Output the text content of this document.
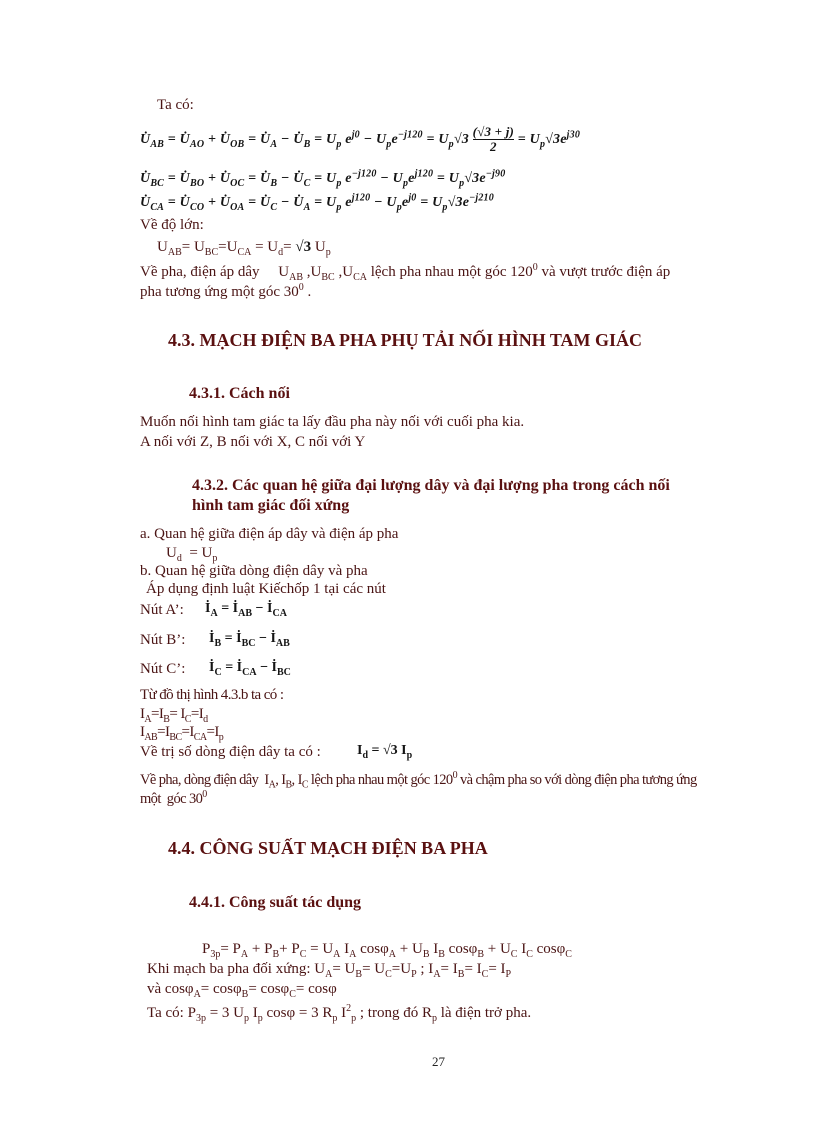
Ta có:
$U̇_{AB}$ = $U̇_{AO}$ + $U̇_{OB}$ = $U̇_A$ − $U̇_B = U_p$ $e^{j0} - U_pe^{-j120} = U_p√3 \frac{(√3 + j)}{2} = U_p√3e^{j30}$
$U̇_{BC}$ = $U̇_{BO}$ + $U̇_{OC}$ = $U̇_B$ − $U̇_C = U_p$ $e^{-j120} - U_pe^{j120} = U_p√3e^{-j90}$
$U̇_{CA}$ = $U̇_{CO}$ + $U̇_{OA}$ = $U̇_C$ − $U̇_A = U_p$ $e^{j120} - U_pe^{j0} = U_p√3e^{-j210}$
Về độ lớn:
$U_{AB}= U_{BC}=U_{CA} = U_d= √3$ $U_p$
Về pha, điện áp dây     $U_{AB}$ $,U_{BC}$ $,U_{CA}$ lệch pha nhau một góc $120^0$ và vượt trước điện áp
pha tương ứng một góc $30^0$ .
4.3. MẠCH ĐIỆN BA PHA PHỤ TẢI NỐI HÌNH TAM GIÁC
4.3.1. Cách nối
Muốn nối hình tam giác ta lấy đầu pha này nối với cuối pha kia.
A nối với Z, B nối với X, C nối với Y
4.3.2. Các quan hệ giữa đại lượng dây và đại lượng pha trong cách nối
hình tam giác đối xứng
a. Quan hệ giữa điện áp dây và điện áp pha
$U_d = U_p$
b. Quan hệ giữa dòng điện dây và pha
Áp dụng định luật Kiếchốp 1 tại các nút
Nút A’: $İ_A$ = $İ_{AB}$ − $İ_{CA}$
Nút B’: $İ_B$ = $İ_{BC}$ − $İ_{AB}$
Nút C’: $İ_C$ = $İ_{CA}$ − $İ_{BC}$
Từ đồ thị hình 4.3.b ta có :
$I_A=I_B= I_C=I_d$
$I_{AB}=I_{BC}=I_{CA}=I_p$
Về trị số dòng điện dây ta có :	$I_d = √3$ $I_p$
Về pha, dòng điện dây  $I_A$, $I_B$, $I_C$ lệch pha nhau một góc $120^0$ và chậm pha so với dòng điện pha tương ứng
một  góc $30^0$
4.4. CÔNG SUẤT MẠCH ĐIỆN BA PHA
4.4.1. Công suất tác dụng
$P_{3p}= P_A + P_B+ P_C = U_A$ $I_A$ $\cos\varphi_A + U_B$ $I_B$ $\cos\varphi_B + U_C$ $I_C$ cosφ$_C$
Khi mạch ba pha đối xứng: $U_A= U_B= U_C=U_P$ ; $I_A= I_B= I_C= I_P$
và cosφ$_A$= cosφ$_B$= cosφ$_C$= cosφ
Ta có: $P_{3p} = 3$ $U_p$ $I_p$ cosφ = 3 $R_p$ $I^2_p$ ; trong đó $R_p$ là điện trở pha.
27
